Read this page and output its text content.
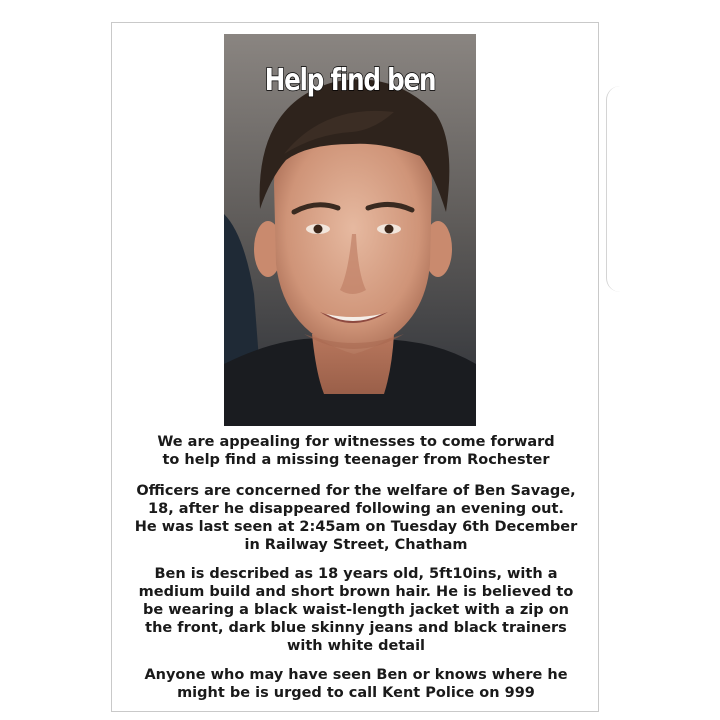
Help find ben

We are appealing for witnesses to come forward

to help find a missing teenager from Rochester

Officers are concerned for the welfare of Ben Savage,

18, after he disappeared following an evening out.

He was last seen at 2:45am on Tuesday 6th December

in Railway Street, Chatham

Ben is described as 18 years old, 5ft10ins, with a

medium build and short brown hair. He is believed to

be wearing a black waist-length jacket with a zip on

the front, dark blue skinny jeans and black trainers

with white detail

Anyone who may have seen Ben or knows where he

might be is urged to call Kent Police on 999
